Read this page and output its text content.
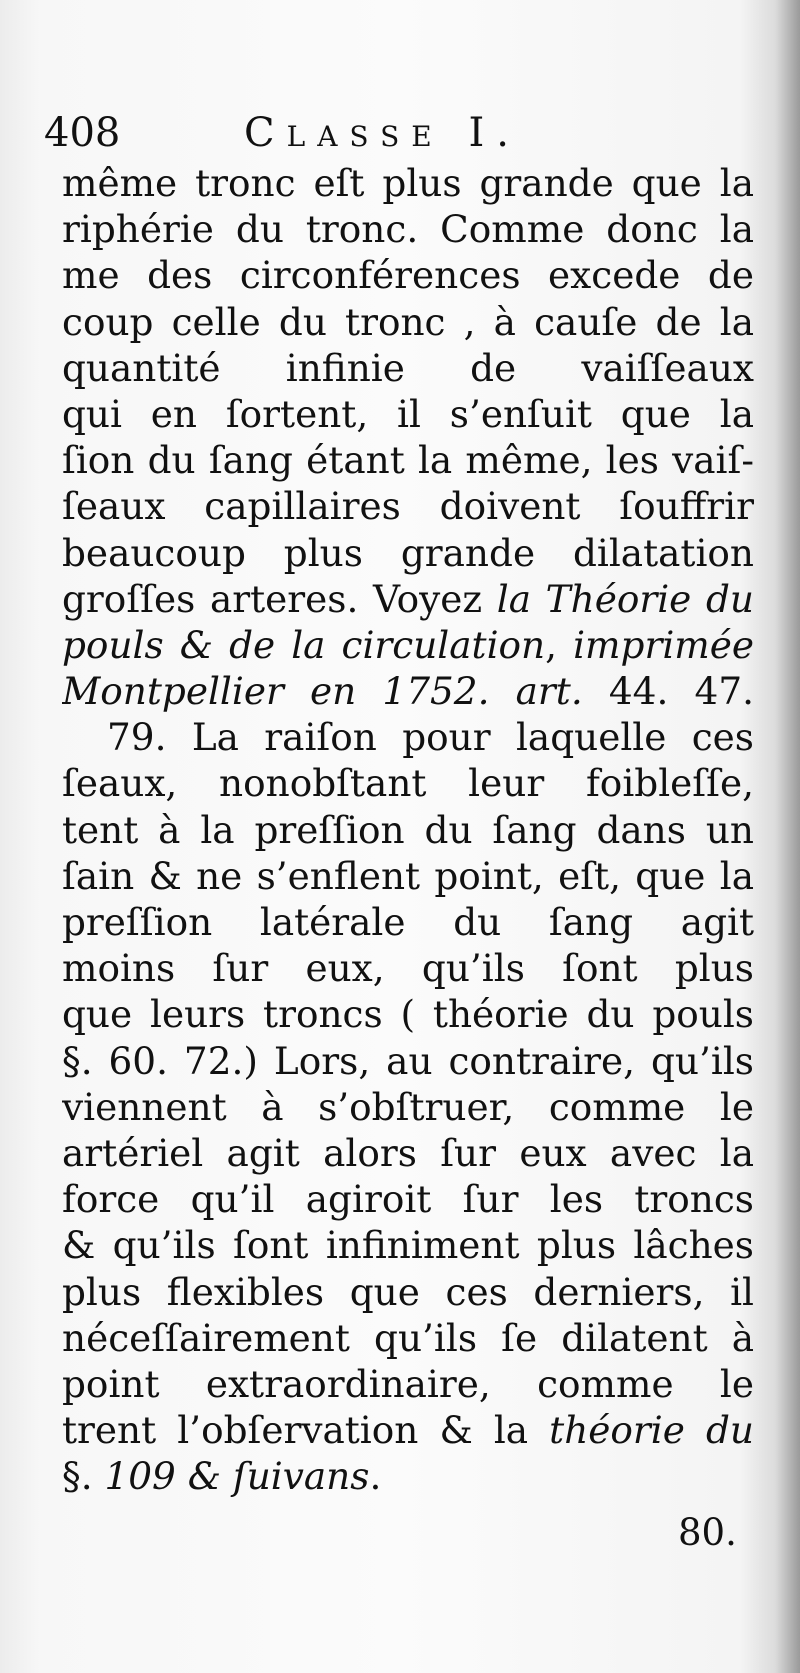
408	Classe I.
même tronc eſt plus grande que la
riphérie du tronc. Comme donc la
me des circonférences excede de
coup celle du tronc , à cauſe de la
quantité infinie de vaiſſeaux
qui en ſortent, il s’enſuit que la
ſion du ſang étant la même, les vaiſ-
ſeaux capillaires doivent ſouffrir
beaucoup plus grande dilatation
groſſes arteres. Voyez la Théorie du
pouls & de la circulation, imprimée
Montpellier en 1752. art. 44. 47.
79. La raiſon pour laquelle ces
ſeaux, nonobſtant leur foibleſſe,
tent à la preſſion du ſang dans un
ſain & ne s’enflent point, eſt, que la
preſſion latérale du ſang agit
moins ſur eux, qu’ils ſont plus
que leurs troncs ( théorie du pouls
§. 60. 72.) Lors, au contraire, qu’ils
viennent à s’obſtruer, comme le
artériel agit alors ſur eux avec la
force qu’il agiroit ſur les troncs
& qu’ils ſont infiniment plus lâches
plus flexibles que ces derniers, il
néceſſairement qu’ils ſe dilatent à
point extraordinaire, comme le
trent l’obſervation & la théorie du
§. 109 & ſuivans.
80.
